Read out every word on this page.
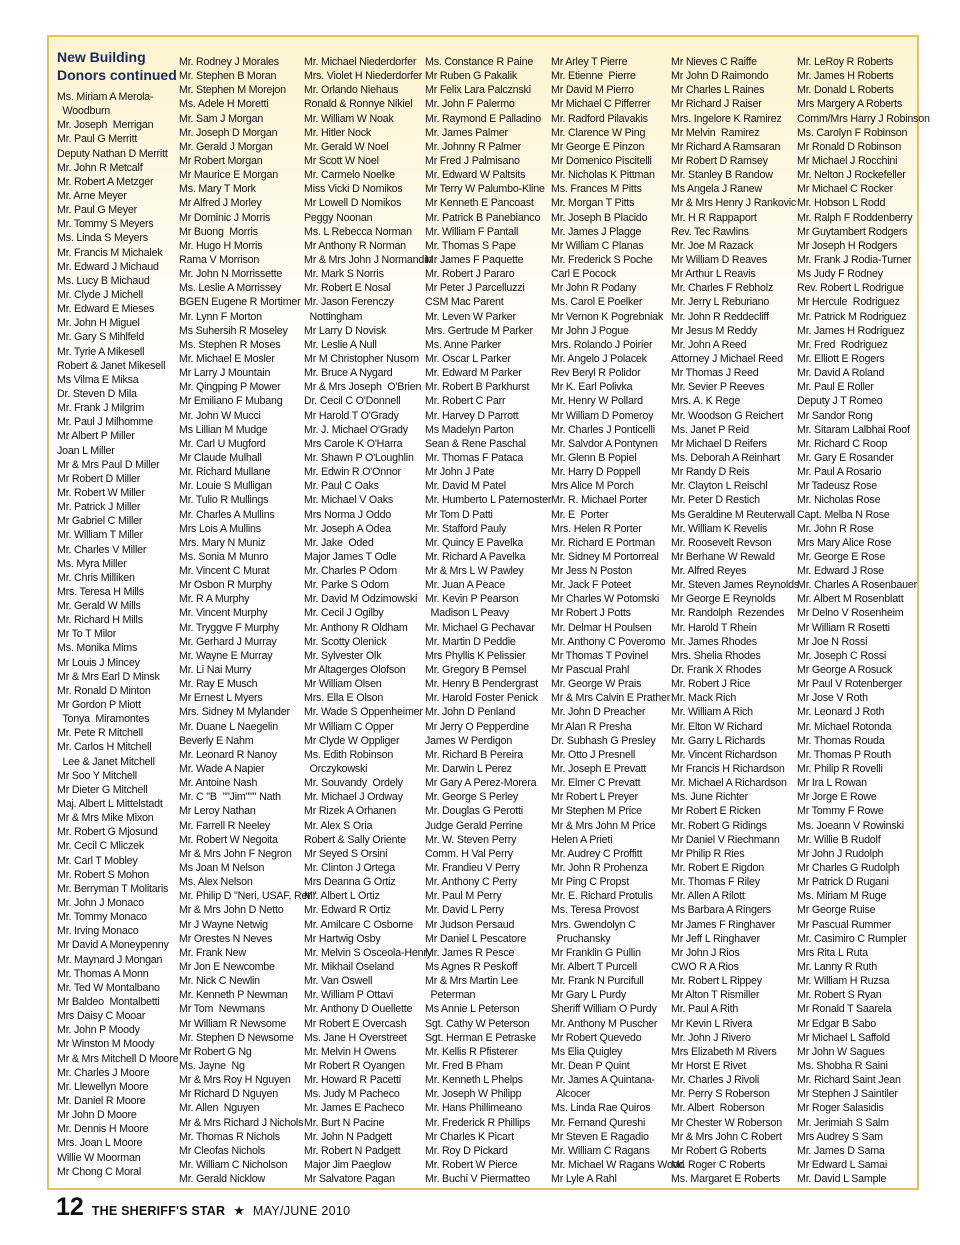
New Building
Donors continued
Ms. Miriam A Merola-
Woodburn
Mr. Joseph  Merrigan
Mr. Paul G Merritt
Deputy Nathan D Merritt
Mr. John R Metcalf
Mr. Robert A Metzger
Mr. Arne Meyer
Mr. Paul G Meyer
Mr. Tommy S Meyers
Ms. Linda S Meyers
Mr. Francis M Michalek
Mr. Edward J Michaud
Ms. Lucy B Michaud
Mr. Clyde J Michell
Mr. Edward E Mieses
Mr. John H Miguel
Mr. Gary S Mihlfeld
Mr. Tyrie A Mikesell
Robert & Janet Mikesell
Ms Vilma E Miksa
Dr. Steven D Mila
Mr. Frank J Milgrim
Mr. Paul J Milhomme
Mr Albert P Miller
Joan L Miller
Mr & Mrs Paul D Miller
Mr Robert D Miller
Mr. Robert W Miller
Mr. Patrick J Miller
Mr Gabriel C Miller
Mr. William T Miller
Mr. Charles V Miller
Ms. Myra Miller
Mr. Chris Milliken
Mrs. Teresa H Mills
Mr. Gerald W Mills
Mr. Richard H Mills
Mr To T Milor
Ms. Monika Mims
Mr Louis J Mincey
Mr & Mrs Earl D Minsk
Mr. Ronald D Minton
Mr Gordon P Miott
Tonya  Miramontes
Mr. Pete R Mitchell
Mr. Carlos H Mitchell
Lee & Janet Mitchell
Mr Soo Y Mitchell
Mr Dieter G Mitchell
Maj. Albert L Mittelstadt
Mr & Mrs Mike Mixon
Mr. Robert G Mjosund
Mr. Cecil C Mliczek
Mr. Carl T Mobley
Mr. Robert S Mohon
Mr. Berryman T Molitaris
Mr. John J Monaco
Mr. Tommy Monaco
Mr. Irving Monaco
Mr David A Moneypenny
Mr. Maynard J Mongan
Mr. Thomas A Monn
Mr. Ted W Montalbano
Mr Baldeo  Montalbetti
Mrs Daisy C Mooar
Mr. John P Moody
Mr Winston M Moody
Mr & Mrs Mitchell D Moore
Mr. Charles J Moore
Mr. Llewellyn Moore
Mr. Daniel R Moore
Mr John D Moore
Mr. Dennis H Moore
Mrs. Joan L Moore
Willie W Moorman
Mr Chong C Moral
Mr. Rodney J Morales
Mr. Stephen B Moran
Mr. Stephen M Morejon
Ms. Adele H Moretti
Mr. Sam J Morgan
Mr. Joseph D Morgan
Mr. Gerald J Morgan
Mr Robert Morgan
Mr Maurice E Morgan
Ms. Mary T Mork
Mr Alfred J Morley
Mr Dominic J Morris
Mr Buong  Morris
Mr. Hugo H Morris
Rama V Morrison
Mr. John N Morrissette
Ms. Leslie A Morrissey
BGEN Eugene R Mortimer
Mr. Lynn F Morton
Ms Suhersih R Moseley
Ms. Stephen R Moses
Mr. Michael E Mosler
Mr Larry J Mountain
Mr. Qingping P Mower
Mr Emiliano F Mubang
Mr. John W Mucci
Ms Lillian M Mudge
Mr. Carl U Mugford
Mr Claude Mulhall
Mr. Richard Mullane
Mr. Louie S Mulligan
Mr. Tulio R Mullings
Mr. Charles A Mullins
Mrs Lois A Mullins
Mrs. Mary N Muniz
Ms. Sonia M Munro
Mr. Vincent C Murat
Mr Osbon R Murphy
Mr. R A Murphy
Mr. Vincent Murphy
Mr. Tryggve F Murphy
Mr. Gerhard J Murray
Mr. Wayne E Murray
Mr. Li Nai Murry
Mr. Ray E Musch
Mr Ernest L Myers
Mrs. Sidney M Mylander
Mr. Duane L Naegelin
Beverly E Nahm
Mr. Leonard R Nanoy
Mr. Wade A Napier
Mr. Antoine Nash
Mr. C "B  ""Jim""" Nath
Mr Leroy Nathan
Mr. Farrell R Neeley
Mr. Robert W Negoita
Mr & Mrs John F Negron
Ms Joan M Nelson
Ms. Alex Nelson
Mr. Philip D "Neri, USAF, Ret."
Mr & Mrs John D Netto
Mr J Wayne Netwig
Mr Orestes N Neves
Mr. Frank New
Mr Jon E Newcombe
Mr. Nick C Newlin
Mr. Kenneth P Newman
Mr Tom  Newmans
Mr William R Newsome
Mr. Stephen D Newsome
Mr Robert G Ng
Ms. Jayne  Ng
Mr & Mrs Roy H Nguyen
Mr Richard D Nguyen
Mr. Allen  Nguyen
Mr & Mrs Richard J Nichols
Mr. Thomas R Nichols
Mr Cleofas Nichols
Mr. William C Nicholson
Mr. Gerald Nicklow
Mr. Michael Niederdorfer
Mrs. Violet H Niederdorfer
Mr. Orlando Niehaus
Ronald & Ronnye Nikiel
Mr. William W Noak
Mr. Hitler Nock
Mr. Gerald W Noel
Mr Scott W Noel
Mr. Carmelo Noelke
Miss Vicki D Nomikos
Mr Lowell D Nomikos
Peggy Noonan
Ms. L Rebecca Norman
Mr Anthony R Norman
Mr & Mrs John J Normandin
Mr. Mark S Norris
Mr. Robert E Nosal
Mr. Jason Ferenczy
Nottingham
Mr Larry D Novisk
Mr. Leslie A Null
Mr M Christopher Nusom
Mr. Bruce A Nygard
Mr & Mrs Joseph  O'Brien
Dr. Cecil C O'Donnell
Mr Harold T O'Grady
Mr. J. Michael O'Grady
Mrs Carole K O'Harra
Mr. Shawn P O'Loughlin
Mr. Edwin R O'Onnor
Mr. Paul C Oaks
Mr. Michael V Oaks
Mrs Norma J Oddo
Mr. Joseph A Odea
Mr. Jake  Oded
Major James T Odle
Mr. Charles P Odom
Mr. Parke S Odom
Mr. David M Odzimowski
Mr. Cecil J Ogilby
Mr. Anthony R Oldham
Mr. Scotty Olenick
Mr. Sylvester Olk
Mr Altagerges Olofson
Mr William Olsen
Mrs. Ella E Olson
Mr. Wade S Oppenheimer
Mr William C Opper
Mr Clyde W Oppliger
Ms. Edith Robinson
Orczykowski
Mr. Souvandy  Ordely
Mr. Michael J Ordway
Mr Rizek A Orhanen
Mr. Alex S Oria
Robert & Sally Oriente
Mr Seyed S Orsini
Mr. Clinton J Ortega
Mrs Deanna G Ortiz
Mr. Albert L Ortiz
Mr. Edward R Ortiz
Mr. Amilcare C Osborne
Mr Hartwig Osby
Mr. Melvin S Osceola-Henry
Mr. Mikhail Oseland
Mr. Van Oswell
Mr. William P Ottavi
Mr. Anthony D Ouellette
Mr Robert E Overcash
Ms. Jane H Overstreet
Mr. Melvin H Owens
Mr Robert R Oyangen
Mr. Howard R Pacetti
Ms. Judy M Pacheco
Mr. James E Pacheco
Mr. Burt N Pacine
Mr. John N Padgett
Mr. Robert N Padgett
Major Jim Paeglow
Mr Salvatore Pagan
Ms. Constance R Paine
Mr Ruben G Pakalik
Mr Felix Lara Palcznski
Mr. John F Palermo
Mr. Raymond E Palladino
Mr. James Palmer
Mr. Johnny R Palmer
Mr Fred J Palmisano
Mr. Edward W Paltsits
Mr Terry W Palumbo-Kline
Mr Kenneth E Pancoast
Mr. Patrick B Panebianco
Mr. William F Pantall
Mr. Thomas S Pape
Mr James F Paquette
Mr. Robert J Pararo
Mr Peter J Parcelluzzi
CSM Mac Parent
Mr. Leven W Parker
Mrs. Gertrude M Parker
Ms. Anne Parker
Mr. Oscar L Parker
Mr. Edward M Parker
Mr. Robert B Parkhurst
Mr. Robert C Parr
Mr. Harvey D Parrott
Ms Madelyn Parton
Sean & Rene Paschal
Mr. Thomas F Pataca
Mr John J Pate
Mr. David M Patel
Mr. Humberto L Paternoster
Mr Tom D Patti
Mr. Stafford Pauly
Mr. Quincy E Pavelka
Mr. Richard A Pavelka
Mr & Mrs L W Pawley
Mr. Juan A Peace
Mr. Kevin P Pearson
Madison L Peavy
Mr. Michael G Pechavar
Mr. Martin D Peddie
Mrs Phyllis K Pelissier
Mr. Gregory B Pemsel
Mr. Henry B Pendergrast
Mr. Harold Foster Penick
Mr. John D Penland
Mr Jerry O Pepperdine
James W Perdigon
Mr. Richard B Pereira
Mr. Darwin L Perez
Mr Gary A Perez-Morera
Mr. George S Perley
Mr. Douglas G Perotti
Judge Gerald Perrine
Mr. W. Steven Perry
Comm. H Val Perry
Mr. Frandieu V Perry
Mr. Anthony C Perry
Mr. Paul M Perry
Mr. David L Perry
Mr Judson Persaud
Mr Daniel L Pescatore
Mr. James R Pesce
Ms Agnes R Peskoff
Mr & Mrs Martin Lee
Peterman
Ms Annie L Peterson
Sgt. Cathy W Peterson
Sgt. Herman E Petraske
Mr. Kellis R Pfisterer
Mr. Fred B Pham
Mr. Kenneth L Phelps
Mr. Joseph W Philipp
Mr. Hans Phillimeano
Mr. Frederick R Phillips
Mr Charles K Picart
Mr. Roy D Pickard
Mr. Robert W Pierce
Mr. Buchi V Piermatteo
Mr Arley T Pierre
Mr. Etienne  Pierre
Mr David M Pierro
Mr Michael C Pifferrer
Mr. Radford Pilavakis
Mr. Clarence W Ping
Mr George E Pinzon
Mr Domenico Piscitelli
Mr. Nicholas K Pittman
Ms. Frances M Pitts
Mr. Morgan T Pitts
Mr. Joseph B Placido
Mr. James J Plagge
Mr William C Planas
Mr. Frederick S Poche
Carl E Pocock
Mr John R Podany
Ms. Carol E Poelker
Mr Vernon K Pogrebniak
Mr John J Pogue
Mrs. Rolando J Poirier
Mr. Angelo J Polacek
Rev Beryl R Polidor
Mr K. Earl Polivka
Mr. Henry W Pollard
Mr William D Pomeroy
Mr. Charles J Ponticelli
Mr. Salvdor A Pontynen
Mr. Glenn B Popiel
Mr. Harry D Poppell
Mrs Alice M Porch
Mr. R. Michael Porter
Mr. E  Porter
Mrs. Helen R Porter
Mr. Richard E Portman
Mr. Sidney M Portorreal
Mr Jess N Poston
Mr. Jack F Poteet
Mr Charles W Potomski
Mr Robert J Potts
Mr. Delmar H Poulsen
Mr. Anthony C Poveromo
Mr Thomas T Povinel
Mr Pascual Prahl
Mr. George W Prais
Mr & Mrs Calvin E Prather
Mr. John D Preacher
Mr Alan R Presha
Dr. Subhash G Presley
Mr. Otto J Presnell
Mr. Joseph E Prevatt
Mr. Elmer C Prevatt
Mr Robert L Preyer
Mr Stephen M Price
Mr & Mrs John M Price
Helen A Prieti
Mr. Audrey C Proffitt
Mr. John R Prohenza
Mr Ping C Propst
Mr. E. Richard Protulis
Ms. Teresa Provost
Mrs. Gwendolyn C
Pruchansky
Mr Franklin G Pullin
Mr. Albert T Purcell
Mr. Frank N Purcifull
Mr Gary L Purdy
Sheriff William O Purdy
Mr. Anthony M Puscher
Mr Robert Quevedo
Ms Elia Quigley
Mr. Dean P Quint
Mr. James A Quintana-
Alcocer
Ms. Linda Rae Quiros
Mr. Fernand Qureshi
Mr Steven E Ragadio
Mr. William C Ragans
Mr. Michael W Ragans Wood
Mr Lyle A Rahl
Mr Nieves C Raiffe
Mr John D Raimondo
Mr Charles L Raines
Mr Richard J Raiser
Mrs. Ingelore K Ramirez
Mr Melvin  Ramirez
Mr Richard A Ramsaran
Mr Robert D Ramsey
Mr. Stanley B Randow
Ms Angela J Ranew
Mr & Mrs Henry J Rankovic
Mr. H R Rappaport
Rev. Tec Rawlins
Mr. Joe M Razack
Mr William D Reaves
Mr Arthur L Reavis
Mr. Charles F Rebholz
Mr. Jerry L Reburiano
Mr. John R Reddecliff
Mr Jesus M Reddy
Mr. John A Reed
Attorney J Michael Reed
Mr Thomas J Reed
Mr. Sevier P Reeves
Mrs. A. K Rege
Mr. Woodson G Reichert
Ms. Janet P Reid
Mr Michael D Reifers
Ms. Deborah A Reinhart
Mr Randy D Reis
Mr. Clayton L Reischl
Mr. Peter D Restich
Ms Geraldine M Reuterwall
Mr. William K Revelis
Mr. Roosevelt Revson
Mr Berhane W Rewald
Mr. Alfred Reyes
Mr. Steven James Reynolds
Mr George E Reynolds
Mr. Randolph  Rezendes
Mr. Harold T Rhein
Mr. James Rhodes
Mrs. Shelia Rhodes
Dr. Frank X Rhodes
Mr. Robert J Rice
Mr. Mack Rich
Mr. William A Rich
Mr. Elton W Richard
Mr. Garry L Richards
Mr. Vincent Richardson
Mr Francis H Richardson
Mr. Michael A Richardson
Ms. June Richter
Mr Robert E Ricken
Mr. Robert G Ridings
Mr Daniel V Riechmann
Mr Philip R Ries
Mr. Robert E Rigdon
Mr. Thomas F Riley
Mr. Allen A Rilott
Ms Barbara A Ringers
Mr James F Ringhaver
Mr Jeff L Ringhaver
Mr John J Rios
CWO R A Rios
Mr. Robert L Rippey
Mr Alton T Rismiller
Mr. Paul A Rith
Mr Kevin L Rivera
Mr. John J Rivero
Mrs Elizabeth M Rivers
Mr Horst E Rivet
Mr. Charles J Rivoli
Mr. Perry S Roberson
Mr. Albert  Roberson
Mr Chester W Roberson
Mr & Mrs John C Robert
Mr Robert G Roberts
Mr. Roger C Roberts
Ms. Margaret E Roberts
Mr. LeRoy R Roberts
Mr. James H Roberts
Mr. Donald L Roberts
Mrs Margery A Roberts
Comm/Mrs Harry J Robinson
Ms. Carolyn F Robinson
Mr Ronald D Robinson
Mr Michael J Rocchini
Mr. Nelton J Rockefeller
Mr Michael C Rocker
Mr. Hobson L Rodd
Mr. Ralph F Roddenberry
Mr Guytambert Rodgers
Mr Joseph H Rodgers
Mr. Frank J Rodia-Turner
Ms Judy F Rodney
Rev. Robert L Rodrigue
Mr Hercule  Rodriguez
Mr. Patrick M Rodriguez
Mr. James H Rodriguez
Mr. Fred  Rodriguez
Mr. Elliott E Rogers
Mr. David A Roland
Mr. Paul E Roller
Deputy J T Romeo
Mr Sandor Rong
Mr. Sitaram Lalbhai Roof
Mr. Richard C Roop
Mr. Gary E Rosander
Mr. Paul A Rosario
Mr Tadeusz Rose
Mr. Nicholas Rose
Capt. Melba N Rose
Mr. John R Rose
Mrs Mary Alice Rose
Mr. George E Rose
Mr. Edward J Rose
Mr. Charles A Rosenbauer
Mr. Albert M Rosenblatt
Mr Delno V Rosenheim
Mr William R Rosetti
Mr Joe N Rossi
Mr. Joseph C Rossi
Mr George A Rosuck
Mr Paul V Rotenberger
Mr Jose V Roth
Mr. Leonard J Roth
Mr. Michael Rotonda
Mr. Thomas Rouda
Mr. Thomas P Routh
Mr. Philip R Rovelli
Mr Ira L Rowan
Mr Jorge E Rowe
Mr Tommy F Rowe
Ms. Joeann V Rowinski
Mr. Willie B Rudolf
Mr John J Rudolph
Mr Charles G Rudolph
Mr Patrick D Rugani
Ms. Miriam M Ruge
Mr George Ruise
Mr Pascual Rummer
Mr. Casimiro C Rumpler
Mrs Rita L Ruta
Mr. Lanny R Ruth
Mr. William H Ruzsa
Mr. Robert S Ryan
Mr Ronald T Saarela
Mr Edgar B Sabo
Mr Michael L Saffold
Mr John W Sagues
Ms. Shobha R Saini
Mr. Richard Saint Jean
Mr Stephen J Saintiler
Mr Roger Salasidis
Mr. Jerimiah S Salm
Mrs Audrey S Sam
Mr. James D Sama
Mr Edward L Samai
Mr. David L Sample
12 THE SHERIFF'S STAR ★ MAY/JUNE 2010
